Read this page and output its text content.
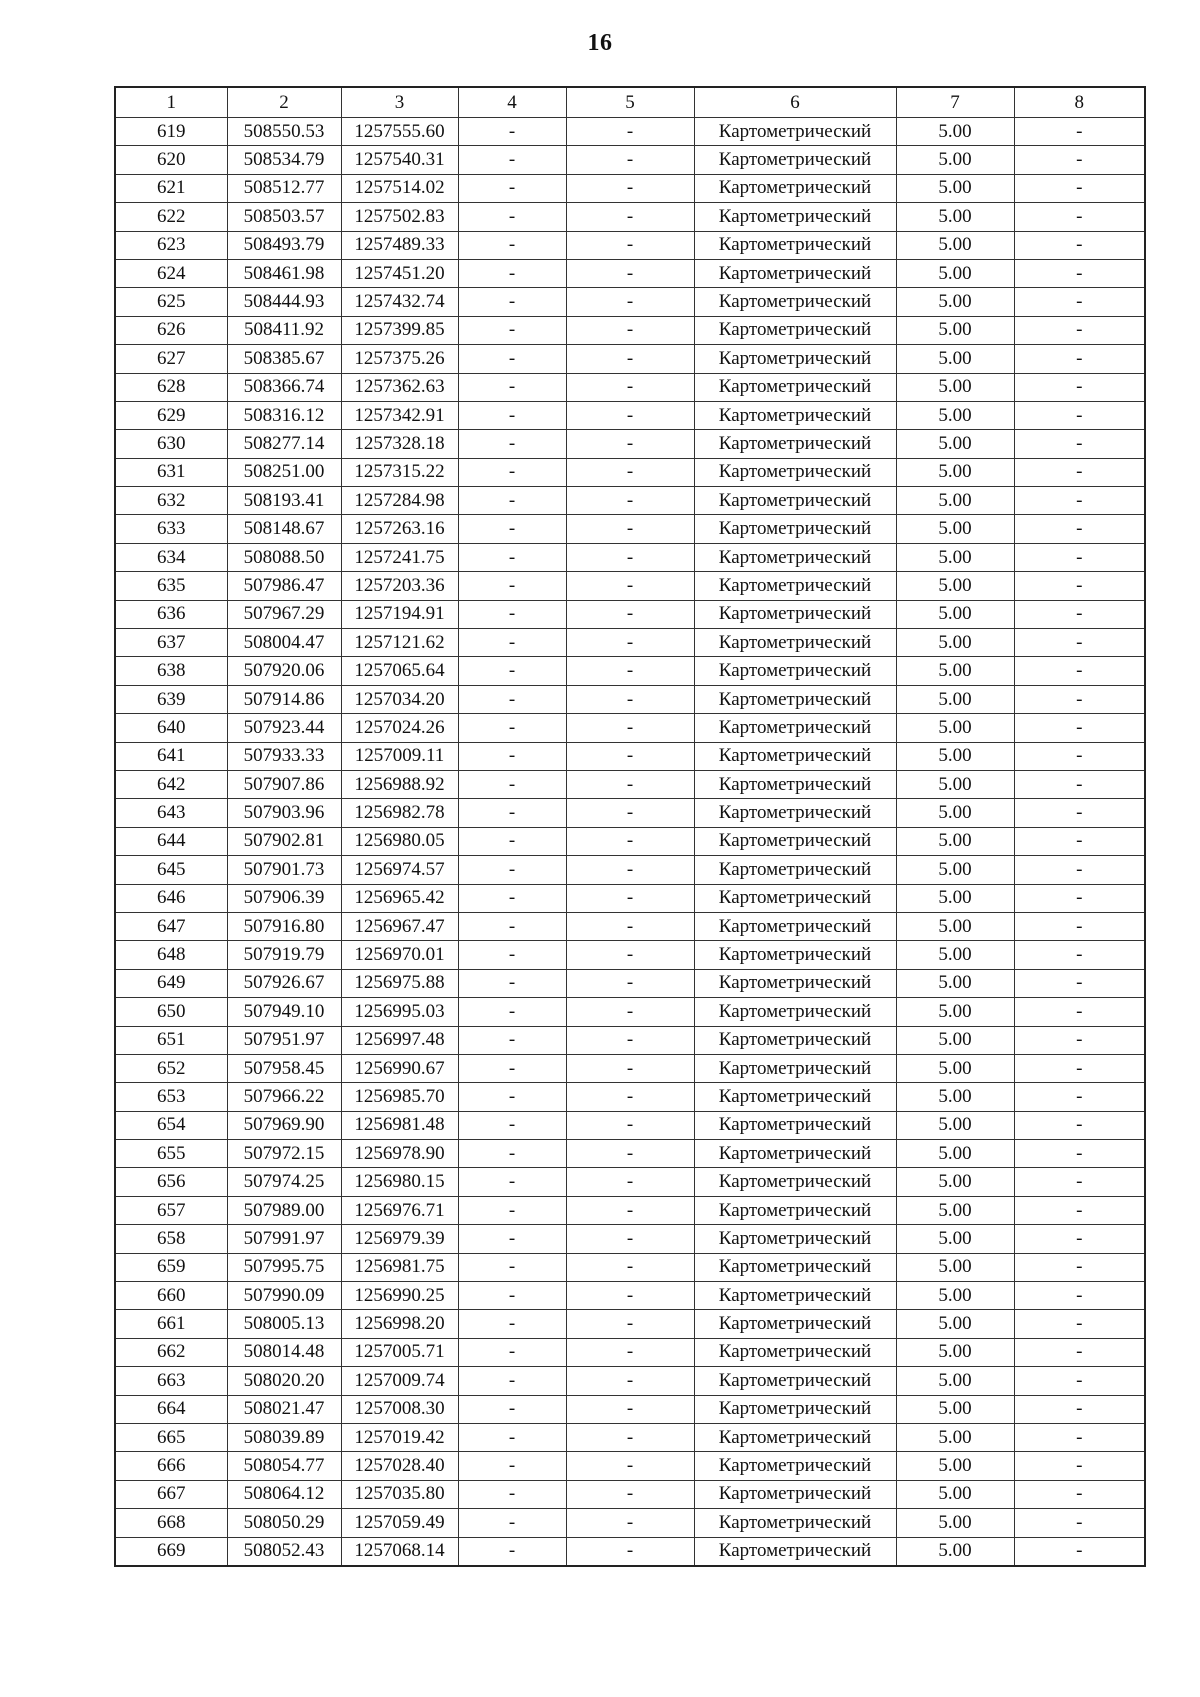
16
1	2	3	4	5	6	7	8
619	508550.53	1257555.60	-	-	Картометрический	5.00	-
620	508534.79	1257540.31	-	-	Картометрический	5.00	-
621	508512.77	1257514.02	-	-	Картометрический	5.00	-
622	508503.57	1257502.83	-	-	Картометрический	5.00	-
623	508493.79	1257489.33	-	-	Картометрический	5.00	-
624	508461.98	1257451.20	-	-	Картометрический	5.00	-
625	508444.93	1257432.74	-	-	Картометрический	5.00	-
626	508411.92	1257399.85	-	-	Картометрический	5.00	-
627	508385.67	1257375.26	-	-	Картометрический	5.00	-
628	508366.74	1257362.63	-	-	Картометрический	5.00	-
629	508316.12	1257342.91	-	-	Картометрический	5.00	-
630	508277.14	1257328.18	-	-	Картометрический	5.00	-
631	508251.00	1257315.22	-	-	Картометрический	5.00	-
632	508193.41	1257284.98	-	-	Картометрический	5.00	-
633	508148.67	1257263.16	-	-	Картометрический	5.00	-
634	508088.50	1257241.75	-	-	Картометрический	5.00	-
635	507986.47	1257203.36	-	-	Картометрический	5.00	-
636	507967.29	1257194.91	-	-	Картометрический	5.00	-
637	508004.47	1257121.62	-	-	Картометрический	5.00	-
638	507920.06	1257065.64	-	-	Картометрический	5.00	-
639	507914.86	1257034.20	-	-	Картометрический	5.00	-
640	507923.44	1257024.26	-	-	Картометрический	5.00	-
641	507933.33	1257009.11	-	-	Картометрический	5.00	-
642	507907.86	1256988.92	-	-	Картометрический	5.00	-
643	507903.96	1256982.78	-	-	Картометрический	5.00	-
644	507902.81	1256980.05	-	-	Картометрический	5.00	-
645	507901.73	1256974.57	-	-	Картометрический	5.00	-
646	507906.39	1256965.42	-	-	Картометрический	5.00	-
647	507916.80	1256967.47	-	-	Картометрический	5.00	-
648	507919.79	1256970.01	-	-	Картометрический	5.00	-
649	507926.67	1256975.88	-	-	Картометрический	5.00	-
650	507949.10	1256995.03	-	-	Картометрический	5.00	-
651	507951.97	1256997.48	-	-	Картометрический	5.00	-
652	507958.45	1256990.67	-	-	Картометрический	5.00	-
653	507966.22	1256985.70	-	-	Картометрический	5.00	-
654	507969.90	1256981.48	-	-	Картометрический	5.00	-
655	507972.15	1256978.90	-	-	Картометрический	5.00	-
656	507974.25	1256980.15	-	-	Картометрический	5.00	-
657	507989.00	1256976.71	-	-	Картометрический	5.00	-
658	507991.97	1256979.39	-	-	Картометрический	5.00	-
659	507995.75	1256981.75	-	-	Картометрический	5.00	-
660	507990.09	1256990.25	-	-	Картометрический	5.00	-
661	508005.13	1256998.20	-	-	Картометрический	5.00	-
662	508014.48	1257005.71	-	-	Картометрический	5.00	-
663	508020.20	1257009.74	-	-	Картометрический	5.00	-
664	508021.47	1257008.30	-	-	Картометрический	5.00	-
665	508039.89	1257019.42	-	-	Картометрический	5.00	-
666	508054.77	1257028.40	-	-	Картометрический	5.00	-
667	508064.12	1257035.80	-	-	Картометрический	5.00	-
668	508050.29	1257059.49	-	-	Картометрический	5.00	-
669	508052.43	1257068.14	-	-	Картометрический	5.00	-
